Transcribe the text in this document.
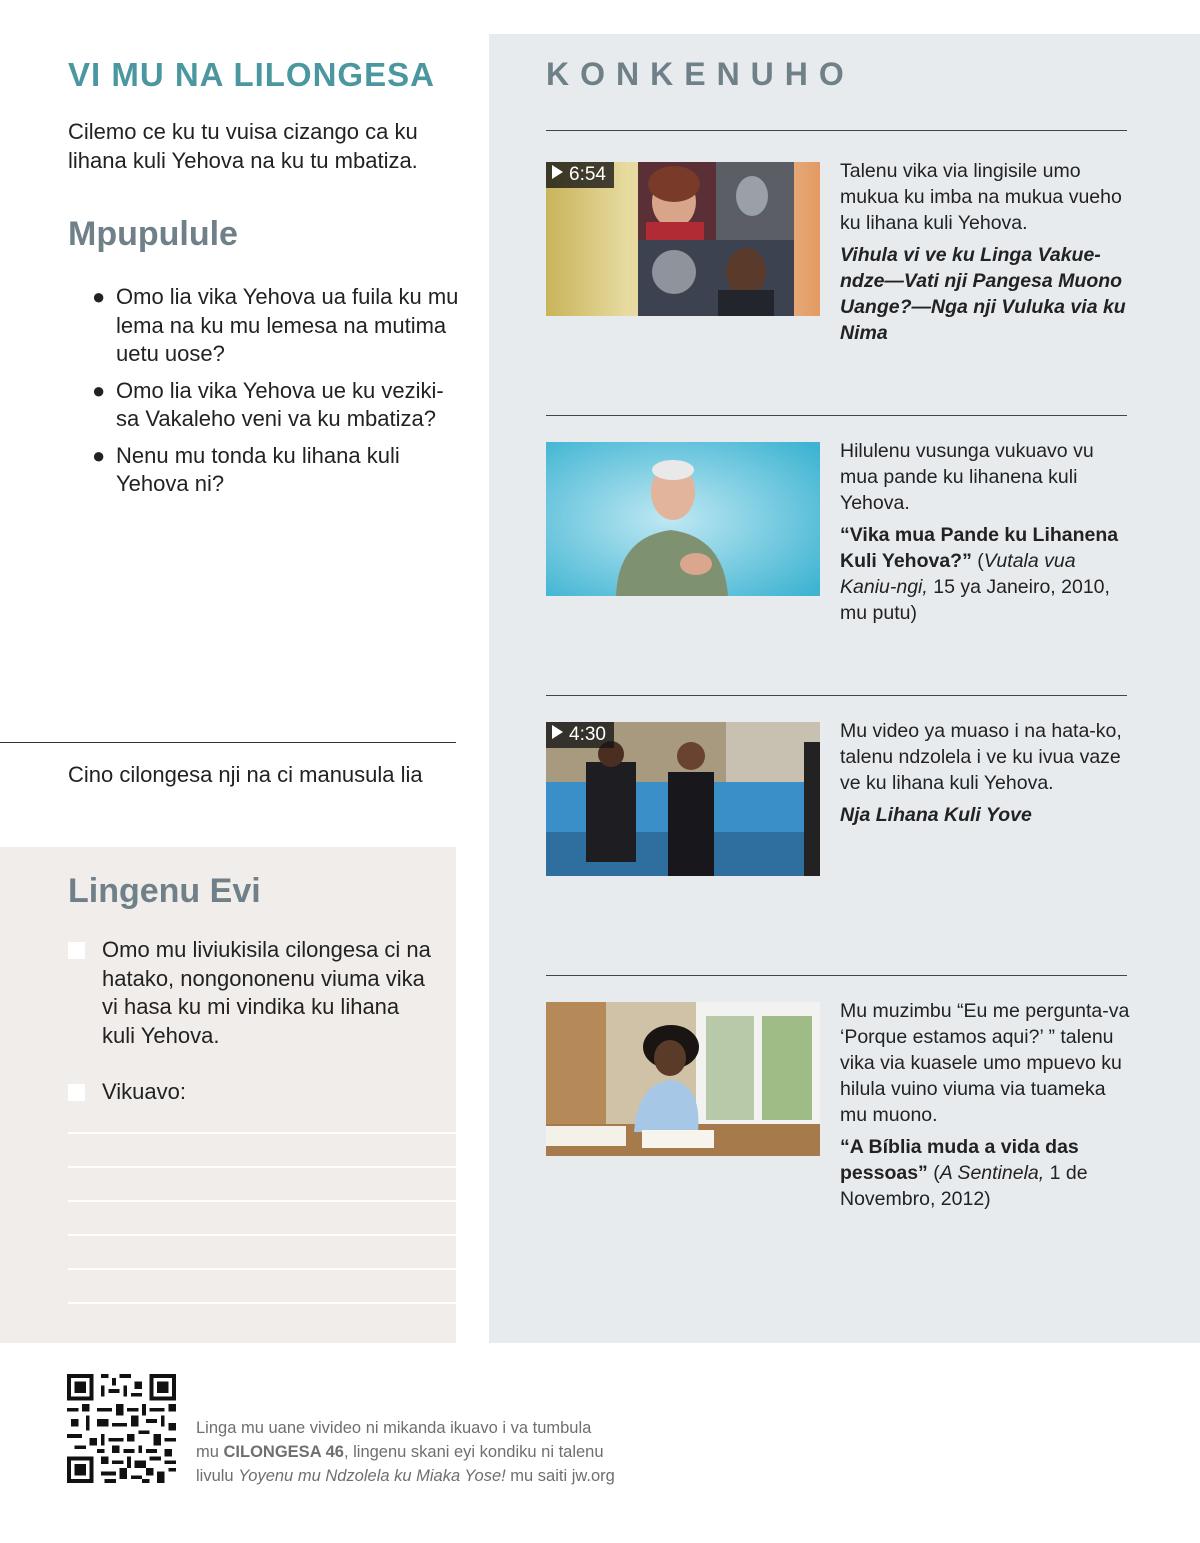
VI MU NA LILONGESA

Cilemo ce ku tu vuisa cizango ca ku lihana kuli Yehova na ku tu mbatiza.

Mpupulule
● Omo lia vika Yehova ua fuila ku mu lema na ku mu lemesa na mutima uetu uose?
● Omo lia vika Yehova ue ku veziki-sa Vakaleho veni va ku mbatiza?
● Nenu mu tonda ku lihana kuli Yehova ni?

Cino cilongesa nji na ci manusula lia

Lingenu Evi
Omo mu liviukisila cilongesa ci na hatako, nongononenu viuma vika vi hasa ku mi vindika ku lihana kuli Yehova.
Vikuavo:
KONKENUHO
6:54	Talenu vika via lingisile umo mukua ku imba na mukua vueho ku lihana kuli Yehova.
Vihula vi ve ku Linga Vakue-ndze—Vati nji Pangesa Muono Uange?—Nga nji Vuluka via ku Nima
Hilulenu vusunga vukuavo vu mua pande ku lihanena kuli Yehova.
“Vika mua Pande ku Lihanena Kuli Yehova?” (Vutala vua Kaniu-ngi, 15 ya Janeiro, 2010, mu putu)
4:30	Mu video ya muaso i na hata-ko, talenu ndzolela i ve ku ivua vaze ve ku lihana kuli Yehova.
Nja Lihana Kuli Yove
Mu muzimbu “Eu me pergunta-va ‘Porque estamos aqui?’ ” talenu vika via kuasele umo mpuevo ku hilula vuino viuma via tuameka mu muono.
“A Bíblia muda a vida das pessoas” (A Sentinela, 1 de Novembro, 2012)

Linga mu uane vivideo ni mikanda ikuavo i va tumbula
mu CILONGESA 46, lingenu skani eyi kondiku ni talenu
livulu Yoyenu mu Ndzolela ku Miaka Yose! mu saiti jw.org
